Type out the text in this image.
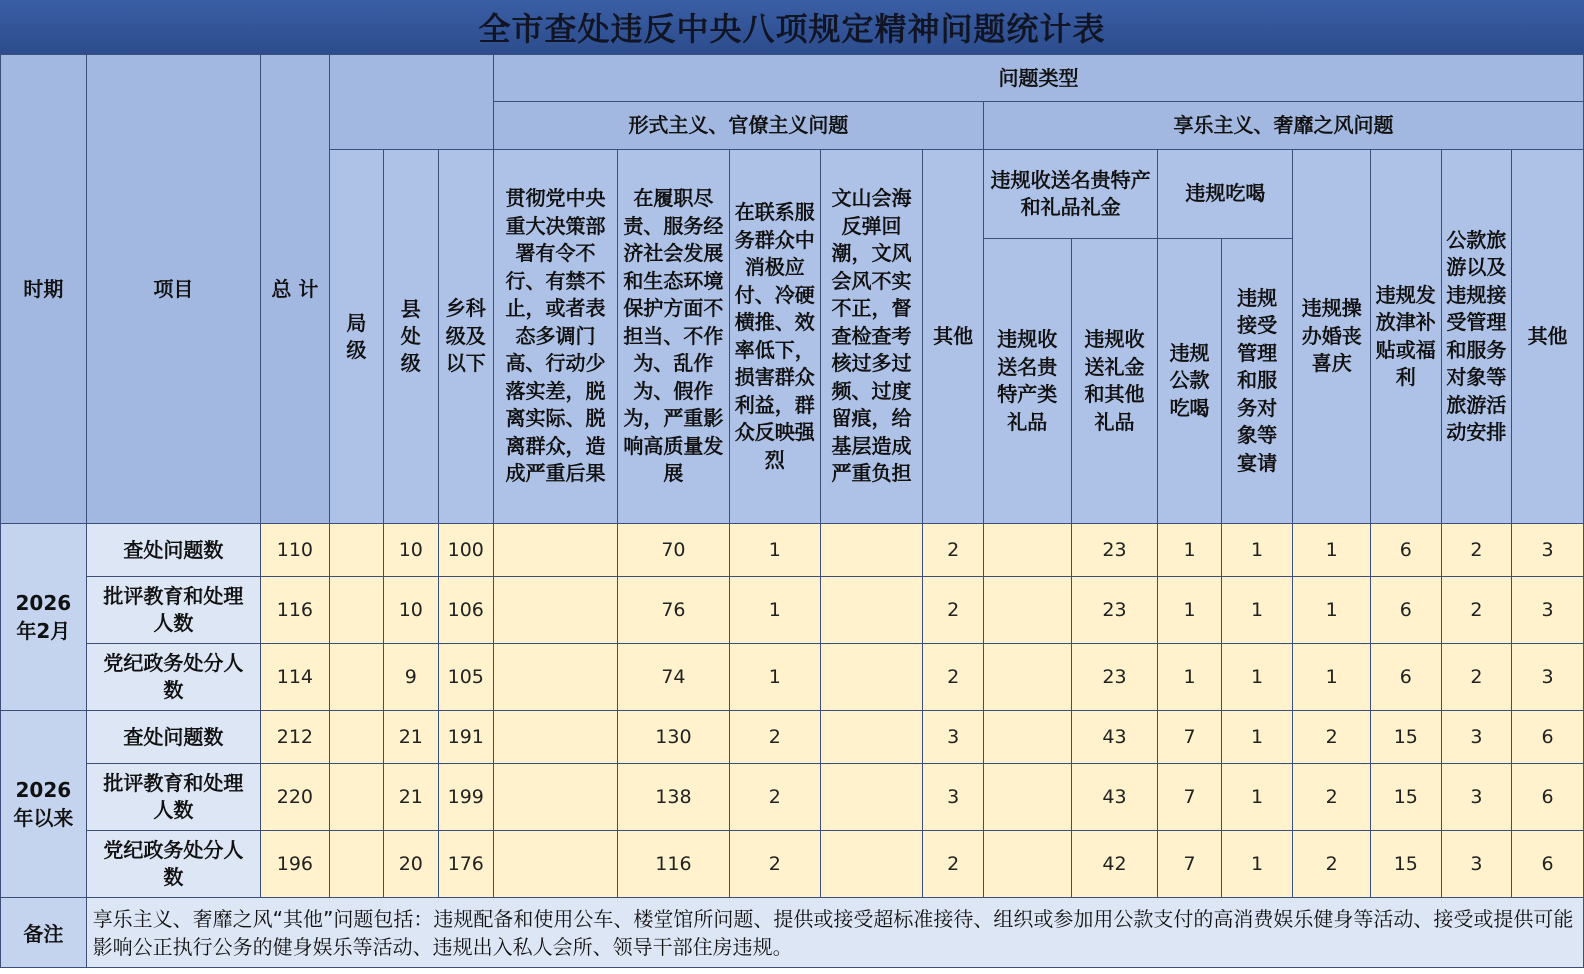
全市查处违反中央八项规定精神问题统计表
时期	项目	总 计				问题类型												
						形式主义、官僚主义问题					享乐主义、奢靡之风问题							
			局级	县处级	乡科级及以下	贯彻党中央重大决策部署有令不行、有禁不止，或者表态多调门高、行动少落实差，脱离实际、脱离群众，造成严重后果	在履职尽责、服务经济社会发展和生态环境保护方面不担当、不作为、乱作为、假作为，严重影响高质量发展	在联系服务群众中消极应付、冷硬横推、效率低下，损害群众利益，群众反映强烈	文山会海反弹回潮，文风会风不实不正，督查检查考核过多过频、过度留痕，给基层造成严重负担	其他	违规收送名贵特产和礼品礼金		违规吃喝		违规操办婚丧喜庆	违规发放津补贴或福利	公款旅游以及违规接受管理和服务对象等旅游活动安排	其他
											违规收送名贵特产类礼品	违规收送礼金和其他礼品	违规公款吃喝	违规接受管理和服务对象等宴请				
2026年2月	查处问题数	110		10	100		70	1		2		23	1	1	1	6	2	3
	批评教育和处理人数	116		10	106		76	1		2		23	1	1	1	6	2	3
	党纪政务处分人数	114		9	105		74	1		2		23	1	1	1	6	2	3
2026年以来	查处问题数	212		21	191		130	2		3		43	7	1	2	15	3	6
	批评教育和处理人数	220		21	199		138	2		3		43	7	1	2	15	3	6
	党纪政务处分人数	196		20	176		116	2		2		42	7	1	2	15	3	6
备注	享乐主义、奢靡之风“其他”问题包括：违规配备和使用公车、楼堂馆所问题、提供或接受超标准接待、组织或参加用公款支付的高消费娱乐健身等活动、接受或提供可能影响公正执行公务的健身娱乐等活动、违规出入私人会所、领导干部住房违规。																	
